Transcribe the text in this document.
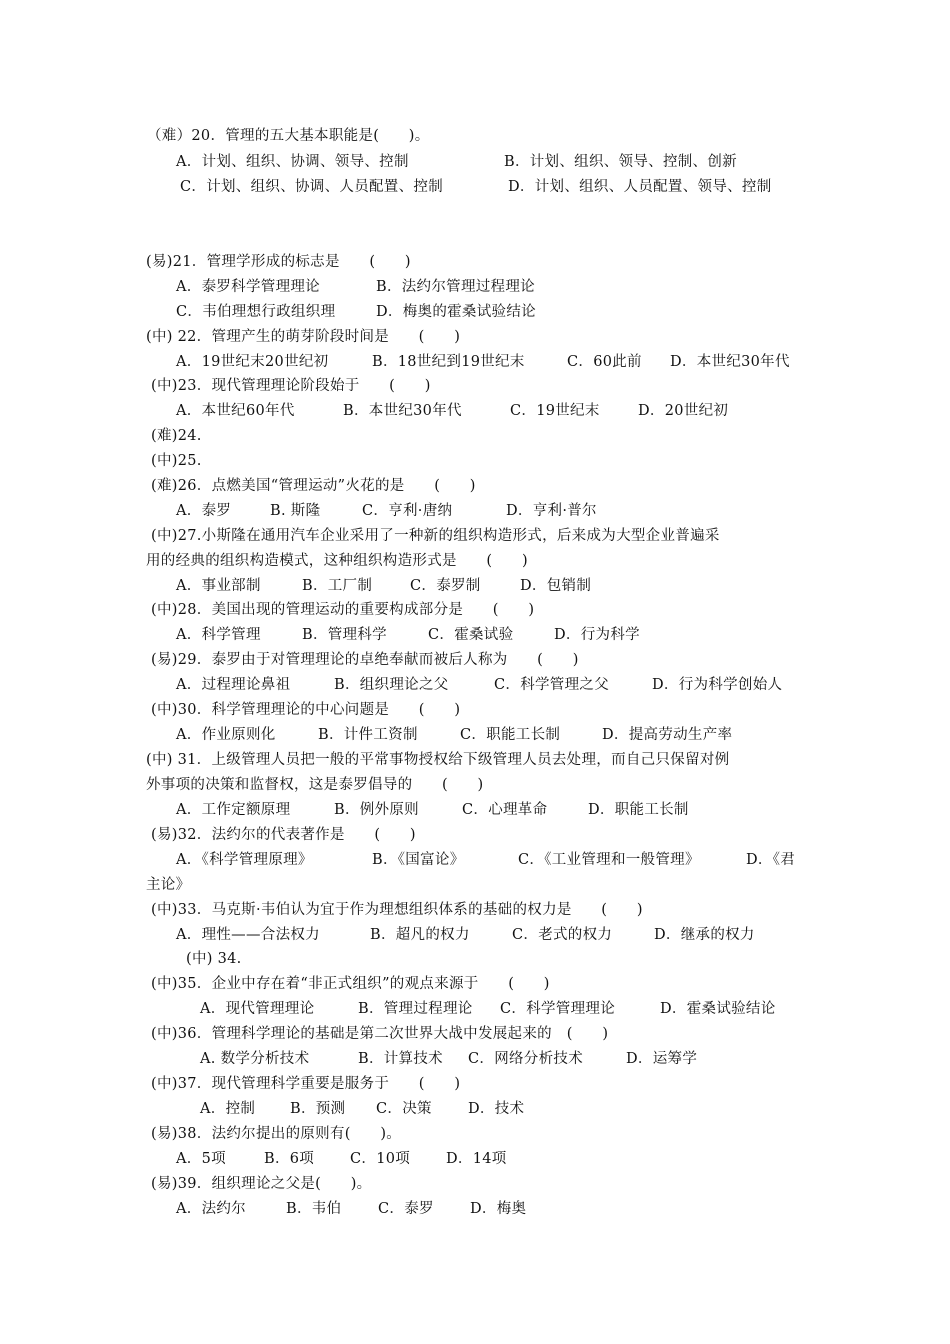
（难）20．管理的五大基本职能是(　　)。
A．计划、组织、协调、领导、控制	B．计划、组织、领导、控制、创新
C．计划、组织、协调、人员配置、控制	D．计划、组织、人员配置、领导、控制
(易)21．管理学形成的标志是　　(　　)
A．泰罗科学管理理论	B．法约尔管理过程理论
C．韦伯理想行政组织理	D．梅奥的霍桑试验结论
(中) 22．管理产生的萌芽阶段时间是　　(　　)
A．19世纪末20世纪初	B．18世纪到19世纪末	C．60此前 D．本世纪30年代
(中)23．现代管理理论阶段始于　　(　　)
A．本世纪60年代	B．本世纪30年代	C．19世纪末	D．20世纪初
(难)24.
(中)25.
(难)26．点燃美国“管理运动”火花的是　　(　　)
A．泰罗	B. 斯隆	C．亨利·唐纳	D．亨利·普尔
(中)27.小斯隆在通用汽车企业采用了一种新的组织构造形式，后来成为大型企业普遍采
用的经典的组织构造模式，这种组织构造形式是　　(　　)
A．事业部制	B．工厂制	C．泰罗制	D．包销制
(中)28．美国出现的管理运动的重要构成部分是　　(　　)
A．科学管理	B．管理科学	C．霍桑试验	D．行为科学
(易)29．泰罗由于对管理理论的卓绝奉献而被后人称为　　(　　)
A．过程理论鼻祖	B．组织理论之父	C．科学管理之父	D．行为科学创始人
(中)30．科学管理理论的中心问题是　　(　　)
A．作业原则化	B．计件工资制	C．职能工长制	D．提高劳动生产率
(中) 31．上级管理人员把一般的平常事物授权给下级管理人员去处理，而自己只保留对例
外事项的决策和监督权，这是泰罗倡导的　　(　　)
A．工作定额原理	B．例外原则	C．心理革命	D．职能工长制
(易)32．法约尔的代表著作是　　(　　)
A．《科学管理原理》	B．《国富论》	C．《工业管理和一般管理》	D．《君
主论》
(中)33．马克斯·韦伯认为宜于作为理想组织体系的基础的权力是　　(　　)
A．理性——合法权力	B．超凡的权力	C．老式的权力	D．继承的权力
(中) 34.
(中)35．企业中存在着“非正式组织”的观点来源于　　(　　)
A．现代管理理论	B．管理过程理论 C．科学管理理论	D．霍桑试验结论
(中)36．管理科学理论的基础是第二次世界大战中发展起来的　(　　)
A. 数学分析技术	B．计算技术 C．网络分析技术	D．运筹学
(中)37．现代管理科学重要是服务于　　(　　)
A．控制 B．预测 C．决策 D．技术
(易)38．法约尔提出的原则有(　　)。
A．5项	B．6项 C．10项 D．14项
(易)39．组织理论之父是(　　)。
A．法约尔	B．韦伯	C．泰罗 D．梅奥
